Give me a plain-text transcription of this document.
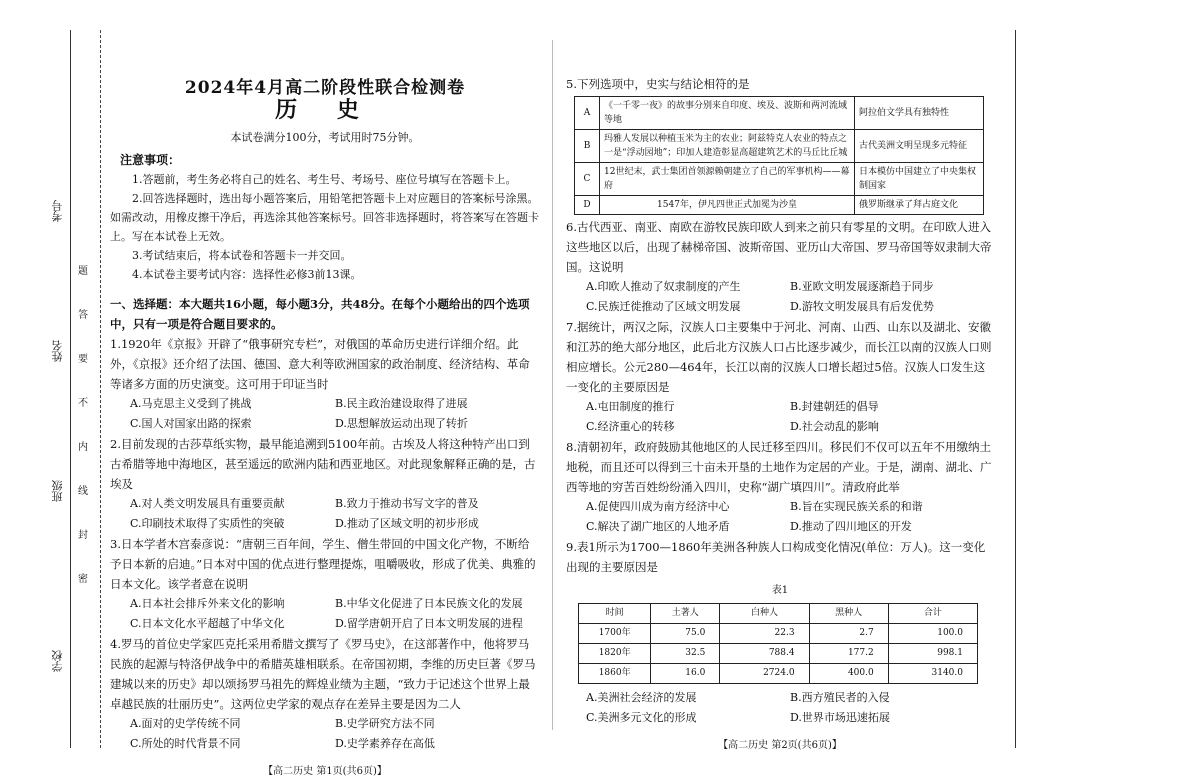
考号
姓名
班级
学校
题
答
要
不
内
线
封
密
2024年4月高二阶段性联合检测卷
历 史
本试卷满分100分，考试用时75分钟。
注意事项：
1.答题前，考生务必将自己的姓名、考生号、考场号、座位号填写在答题卡上。
2.回答选择题时，选出每小题答案后，用铅笔把答题卡上对应题目的答案标号涂黑。如需改动，用橡皮擦干净后，再选涂其他答案标号。回答非选择题时，将答案写在答题卡上。写在本试卷上无效。
3.考试结束后，将本试卷和答题卡一并交回。
4.本试卷主要考试内容：选择性必修3前13课。
一、选择题：本大题共16小题，每小题3分，共48分。在每个小题给出的四个选项中，只有一项是符合题目要求的。
1.1920年《京报》开辟了“俄事研究专栏”，对俄国的革命历史进行详细介绍。此外，《京报》还介绍了法国、德国、意大利等欧洲国家的政治制度、经济结构、革命等诸多方面的历史演变。这可用于印证当时
A.马克思主义受到了挑战	B.民主政治建设取得了进展
C.国人对国家出路的探索	D.思想解放运动出现了转折
2.目前发现的古莎草纸实物，最早能追溯到5100年前。古埃及人将这种特产出口到古希腊等地中海地区，甚至遥远的欧洲内陆和西亚地区。对此现象解释正确的是，古埃及
A.对人类文明发展具有重要贡献	B.致力于推动书写文字的普及
C.印刷技术取得了实质性的突破	D.推动了区域文明的初步形成
3.日本学者木宫泰彦说：“唐朝三百年间，学生、僧生带回的中国文化产物，不断给予日本新的启迪。”日本对中国的优点进行整理提炼，咀嚼吸收，形成了优美、典雅的日本文化。该学者意在说明
A.日本社会排斥外来文化的影响	B.中华文化促进了日本民族文化的发展
C.日本文化水平超越了中华文化	D.留学唐朝开启了日本文明发展的进程
4.罗马的首位史学家匹克托采用希腊文撰写了《罗马史》，在这部著作中，他将罗马民族的起源与特洛伊战争中的希腊英雄相联系。在帝国初期，李维的历史巨著《罗马建城以来的历史》却以颂扬罗马祖先的辉煌业绩为主题，“致力于记述这个世界上最卓越民族的壮丽历史”。这两位史学家的观点存在差异主要是因为二人
A.面对的史学传统不同	B.史学研究方法不同
C.所处的时代背景不同	D.史学素养存在高低
【高二历史 第1页(共6页)】
5.下列选项中，史实与结论相符的是
A	《一千零一夜》的故事分别来自印度、埃及、波斯和两河流域等地	阿拉伯文学具有独特性
B	玛雅人发展以种植玉米为主的农业；阿兹特克人农业的特点之一是“浮动园地”；印加人建造彰显高超建筑艺术的马丘比丘城	古代美洲文明呈现多元特征
C	12世纪末，武士集团首领源赖朝建立了自己的军事机构——幕府	日本模仿中国建立了中央集权制国家
D	1547年，伊凡四世正式加冕为沙皇	俄罗斯继承了拜占庭文化
6.古代西亚、南亚、南欧在游牧民族印欧人到来之前只有零星的文明。在印欧人进入这些地区以后，出现了赫梯帝国、波斯帝国、亚历山大帝国、罗马帝国等奴隶制大帝国。这说明
A.印欧人推动了奴隶制度的产生	B.亚欧文明发展逐渐趋于同步
C.民族迁徙推动了区域文明发展	D.游牧文明发展具有后发优势
7.据统计，两汉之际，汉族人口主要集中于河北、河南、山西、山东以及湖北、安徽和江苏的绝大部分地区，此后北方汉族人口占比逐步减少，而长江以南的汉族人口则相应增长。公元280—464年，长江以南的汉族人口增长超过5倍。汉族人口发生这一变化的主要原因是
A.屯田制度的推行	B.封建朝廷的倡导
C.经济重心的转移	D.社会动乱的影响
8.清朝初年，政府鼓励其他地区的人民迁移至四川。移民们不仅可以五年不用缴纳土地税，而且还可以得到三十亩未开垦的土地作为定居的产业。于是，湖南、湖北、广西等地的穷苦百姓纷纷涌入四川，史称“湖广填四川”。清政府此举
A.促使四川成为南方经济中心	B.旨在实现民族关系的和谐
C.解决了湖广地区的人地矛盾	D.推动了四川地区的开发
9.表1所示为1700—1860年美洲各种族人口构成变化情况(单位：万人)。这一变化出现的主要原因是
表1
时间	土著人	白种人	黑种人	合计
1700年	75.0	22.3	2.7	100.0
1820年	32.5	788.4	177.2	998.1
1860年	16.0	2724.0	400.0	3140.0
A.美洲社会经济的发展	B.西方殖民者的入侵
C.美洲多元文化的形成	D.世界市场迅速拓展
【高二历史 第2页(共6页)】
